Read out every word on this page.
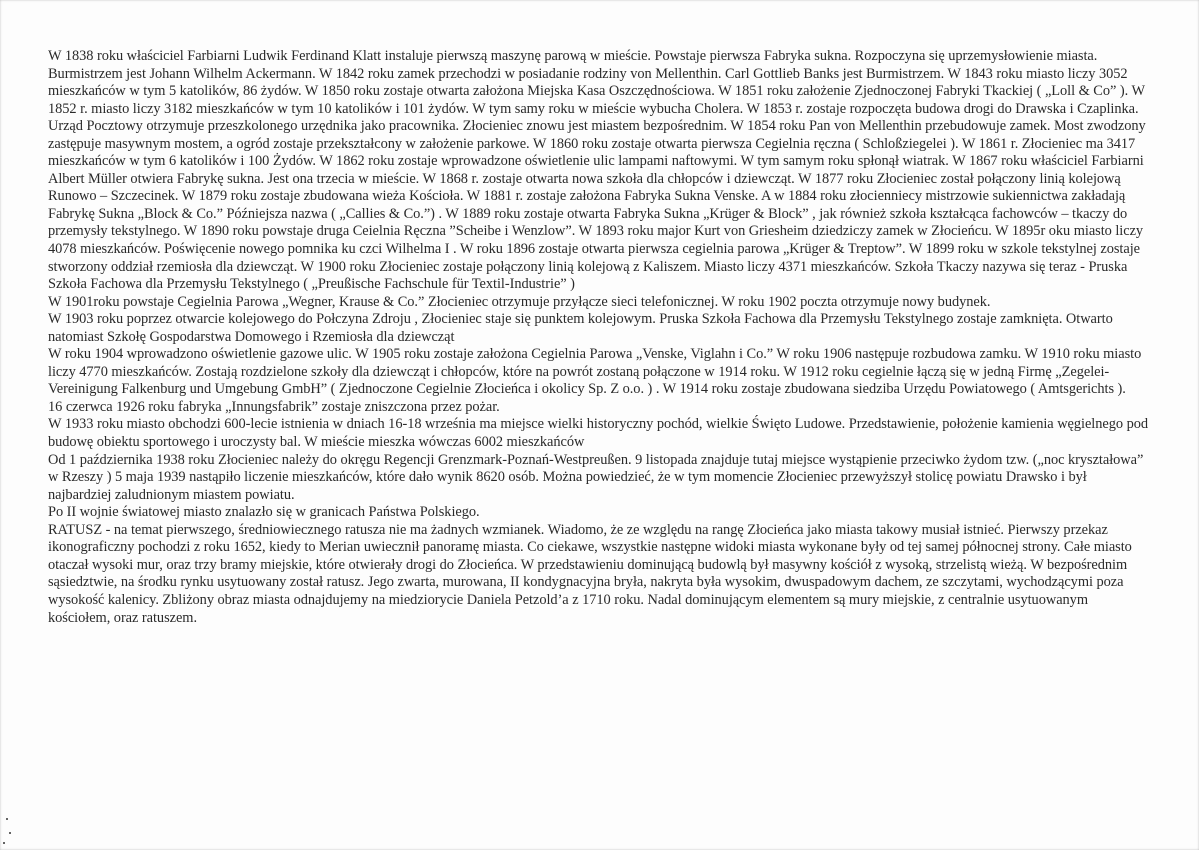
W 1838 roku właściciel Farbiarni Ludwik Ferdinand Klatt instaluje pierwszą maszynę parową w mieście. Powstaje pierwsza Fabryka sukna. Rozpoczyna się uprzemysłowienie miasta. Burmistrzem jest Johann Wilhelm Ackermann. W 1842 roku zamek przechodzi w posiadanie rodziny von Mellenthin. Carl Gottlieb Banks jest Burmistrzem. W 1843 roku miasto liczy 3052 mieszkańców w tym 5 katolików, 86 żydów. W 1850 roku zostaje otwarta założona Miejska Kasa Oszczędnościowa. W 1851 roku założenie Zjednoczonej Fabryki Tkackiej ( „Loll & Co” ). W 1852 r. miasto liczy 3182 mieszkańców w tym 10 katolików i 101 żydów. W tym samy roku w mieście wybucha Cholera. W 1853 r. zostaje rozpoczęta budowa drogi do Drawska i Czaplinka. Urząd Pocztowy otrzymuje przeszkolonego urzędnika jako pracownika. Złocieniec znowu jest miastem bezpośrednim. W 1854 roku Pan von Mellenthin przebudowuje zamek. Most zwodzony zastępuje masywnym mostem, a ogród zostaje przekształcony w założenie parkowe. W 1860 roku zostaje otwarta pierwsza Cegielnia ręczna ( Schloßziegelei ). W 1861 r. Złocieniec ma 3417 mieszkańców w tym 6 katolików i 100 Żydów. W 1862 roku zostaje wprowadzone oświetlenie ulic lampami naftowymi. W tym samym roku spłonął wiatrak. W 1867 roku właściciel Farbiarni Albert Müller otwiera Fabrykę sukna. Jest ona trzecia w mieście. W 1868 r. zostaje otwarta nowa szkoła dla chłopców i dziewcząt. W 1877 roku Złocieniec został połączony linią kolejową Runowo – Szczecinek. W 1879 roku zostaje zbudowana wieża Kościoła. W 1881 r. zostaje założona Fabryka Sukna Venske. A w 1884 roku złocienniecy mistrzowie sukiennictwa zakładają Fabrykę Sukna „Block & Co.” Późniejsza nazwa ( „Callies & Co.”) . W 1889 roku zostaje otwarta Fabryka Sukna „Krüger & Block” , jak również szkoła kształcąca fachowców – tkaczy do przemysły tekstylnego. W 1890 roku powstaje druga Ceielnia Ręczna ”Scheibe i Wenzlow”. W 1893 roku major Kurt von Griesheim dziedziczy zamek w Złocieńcu. W 1895r oku miasto liczy 4078 mieszkańców. Poświęcenie nowego pomnika ku czci Wilhelma I . W roku 1896 zostaje otwarta pierwsza cegielnia parowa „Krüger & Treptow”. W 1899 roku w szkole tekstylnej zostaje stworzony oddział rzemiosła dla dziewcząt. W 1900 roku Złocieniec zostaje połączony linią kolejową z Kaliszem. Miasto liczy 4371 mieszkańców. Szkoła Tkaczy nazywa się teraz - Pruska Szkoła Fachowa dla Przemysłu Tekstylnego ( „Preußische Fachschule für Textil-Industrie” )

W 1901roku powstaje Cegielnia Parowa „Wegner, Krause & Co.” Złocieniec otrzymuje przyłącze sieci telefonicznej. W roku 1902 poczta otrzymuje nowy budynek.

W 1903 roku poprzez otwarcie kolejowego do Połczyna Zdroju , Złocieniec staje się punktem kolejowym. Pruska Szkoła Fachowa dla Przemysłu Tekstylnego zostaje zamknięta. Otwarto natomiast Szkołę Gospodarstwa Domowego i Rzemiosła dla dziewcząt

W roku 1904 wprowadzono oświetlenie gazowe ulic. W 1905 roku zostaje założona Cegielnia Parowa „Venske, Viglahn i Co.” W roku 1906 następuje rozbudowa zamku. W 1910 roku miasto liczy 4770 mieszkańców. Zostają rozdzielone szkoły dla dziewcząt i chłopców, które na powrót zostaną połączone w 1914 roku. W 1912 roku cegielnie łączą się w jedną Firmę „Zegelei-Vereinigung Falkenburg und Umgebung GmbH” ( Zjednoczone Cegielnie Złocieńca i okolicy Sp. Z o.o. ) . W 1914 roku zostaje zbudowana siedziba Urzędu Powiatowego ( Amtsgerichts ).

16 czerwca 1926 roku fabryka „Innungsfabrik” zostaje zniszczona przez pożar.

W 1933 roku miasto obchodzi 600-lecie istnienia w dniach 16-18 września ma miejsce wielki historyczny pochód, wielkie Święto Ludowe. Przedstawienie, położenie kamienia węgielnego pod budowę obiektu sportowego i uroczysty bal. W mieście mieszka wówczas 6002 mieszkańców

Od 1 października 1938 roku Złocieniec należy do okręgu Regencji Grenzmark-Poznań-Westpreußen. 9 listopada znajduje tutaj miejsce wystąpienie przeciwko żydom tzw. („noc kryształowa” w Rzeszy ) 5 maja 1939 nastąpiło liczenie mieszkańców, które dało wynik 8620 osób. Można powiedzieć, że w tym momencie Złocieniec przewyższył stolicę powiatu Drawsko i był najbardziej zaludnionym miastem powiatu.

Po II wojnie światowej miasto znalazło się w granicach Państwa Polskiego.

RATUSZ - na temat pierwszego, średniowiecznego ratusza nie ma żadnych wzmianek. Wiadomo, że ze względu na rangę Złocieńca jako miasta takowy musiał istnieć. Pierwszy przekaz ikonograficzny pochodzi z roku 1652, kiedy to Merian uwiecznił panoramę miasta. Co ciekawe, wszystkie następne widoki miasta wykonane były od tej samej północnej strony. Całe miasto otaczał wysoki mur, oraz trzy bramy miejskie, które otwierały drogi do Złocieńca. W przedstawieniu dominującą budowlą był masywny kościół z wysoką, strzelistą wieżą. W bezpośrednim sąsiedztwie, na środku rynku usytuowany został ratusz. Jego zwarta, murowana, II kondygnacyjna bryła, nakryta była wysokim, dwuspadowym dachem, ze szczytami, wychodzącymi poza wysokość kalenicy. Zbliżony obraz miasta odnajdujemy na miedziorycie Daniela Petzold’a z 1710 roku. Nadal dominującym elementem są mury miejskie, z centralnie usytuowanym kościołem, oraz ratuszem.
